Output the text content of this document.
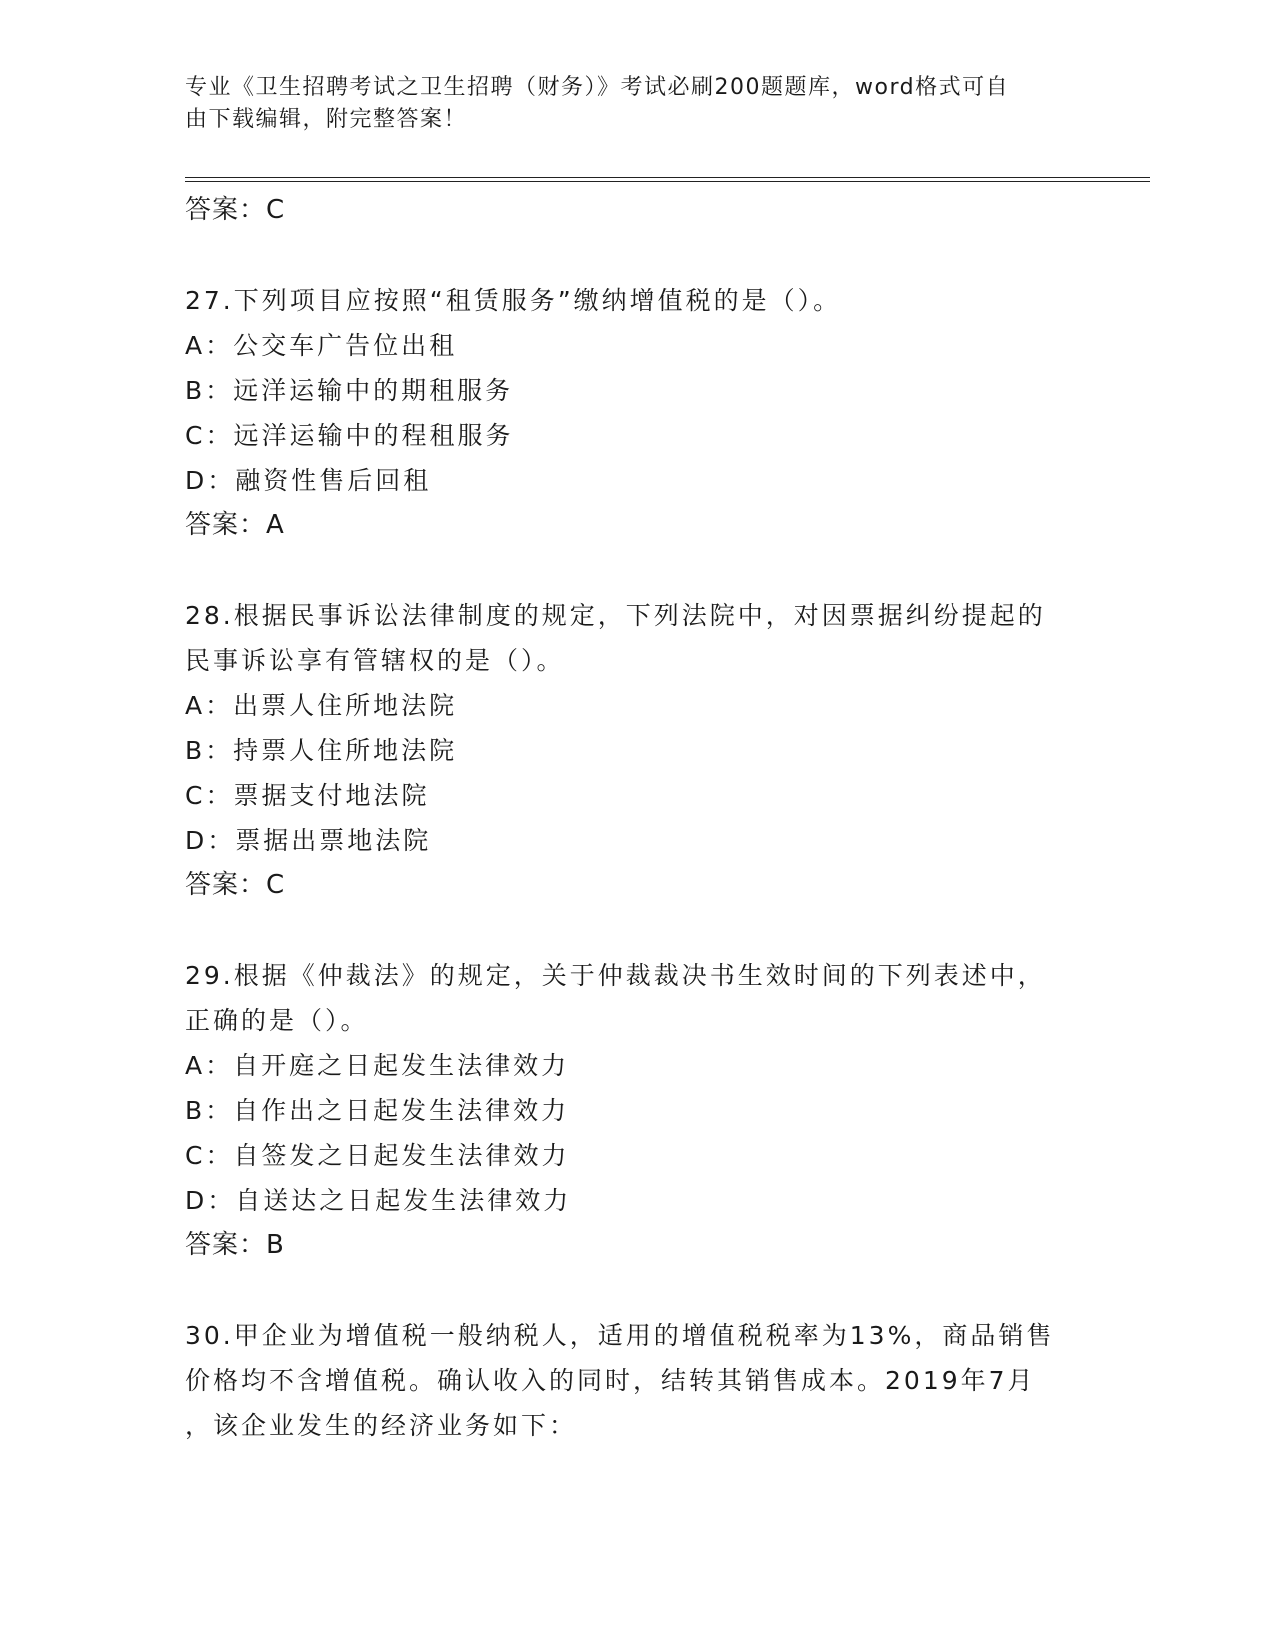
专业《卫生招聘考试之卫生招聘（财务）》考试必刷200题题库，word格式可自
由下载编辑，附完整答案！
答案：C
27.下列项目应按照“租赁服务”缴纳增值税的是（）。
A：公交车广告位出租
B：远洋运输中的期租服务
C：远洋运输中的程租服务
D：融资性售后回租
答案：A
28.根据民事诉讼法律制度的规定，下列法院中，对因票据纠纷提起的
民事诉讼享有管辖权的是（）。
A：出票人住所地法院
B：持票人住所地法院
C：票据支付地法院
D：票据出票地法院
答案：C
29.根据《仲裁法》的规定，关于仲裁裁决书生效时间的下列表述中，
正确的是（）。
A：自开庭之日起发生法律效力
B：自作出之日起发生法律效力
C：自签发之日起发生法律效力
D：自送达之日起发生法律效力
答案：B
30.甲企业为增值税一般纳税人，适用的增值税税率为13%，商品销售
价格均不含增值税。确认收入的同时，结转其销售成本。2019年7月
，该企业发生的经济业务如下：
